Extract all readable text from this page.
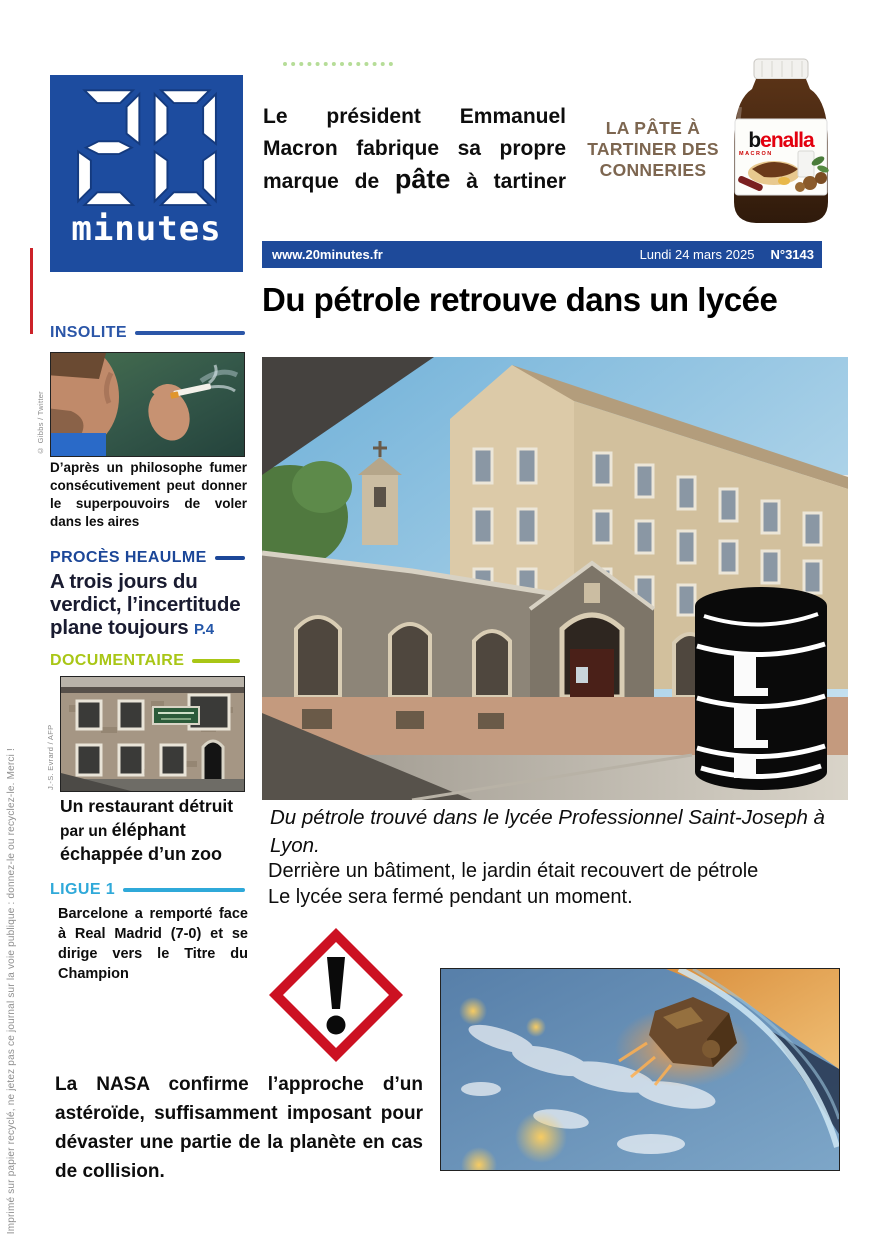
minutes
Le président Emmanuel
Macron fabrique sa propre
marque de pâte à tartiner
LA PÂTE À
TARTINER DES
CONNERIES
benalla
MACRON
www.20minutes.fr	Lundi 24 mars 2025 N°3143
Du pétrole retrouve dans un lycée
INSOLITE
© Gibbs / Twitter
D’après un philosophe fumer consécutivement peut donner le superpouvoirs de voler dans les aires
PROCÈS HEAULME
A trois jours du verdict, l’incertitude plane toujours P.4
DOCUMENTAIRE
J.-S. Evrard / AFP
Un restaurant détruit par un éléphant échappée d’un zoo
LIGUE 1
Barcelone a remporté face à Real Madrid (7-0) et se dirige vers le Titre du Champion
Du pétrole trouvé dans le lycée Professionnel Saint-Joseph à Lyon.
Derrière un bâtiment, le jardin était recouvert de pétrole
Le lycée sera fermé pendant un moment.
La NASA confirme l’approche d’un astéroïde, suffisamment imposant pour dévaster une partie de la planète en cas de collision.
Imprimé sur papier recyclé, ne jetez pas ce journal sur la voie publique : donnez-le ou recyclez-le. Merci !
